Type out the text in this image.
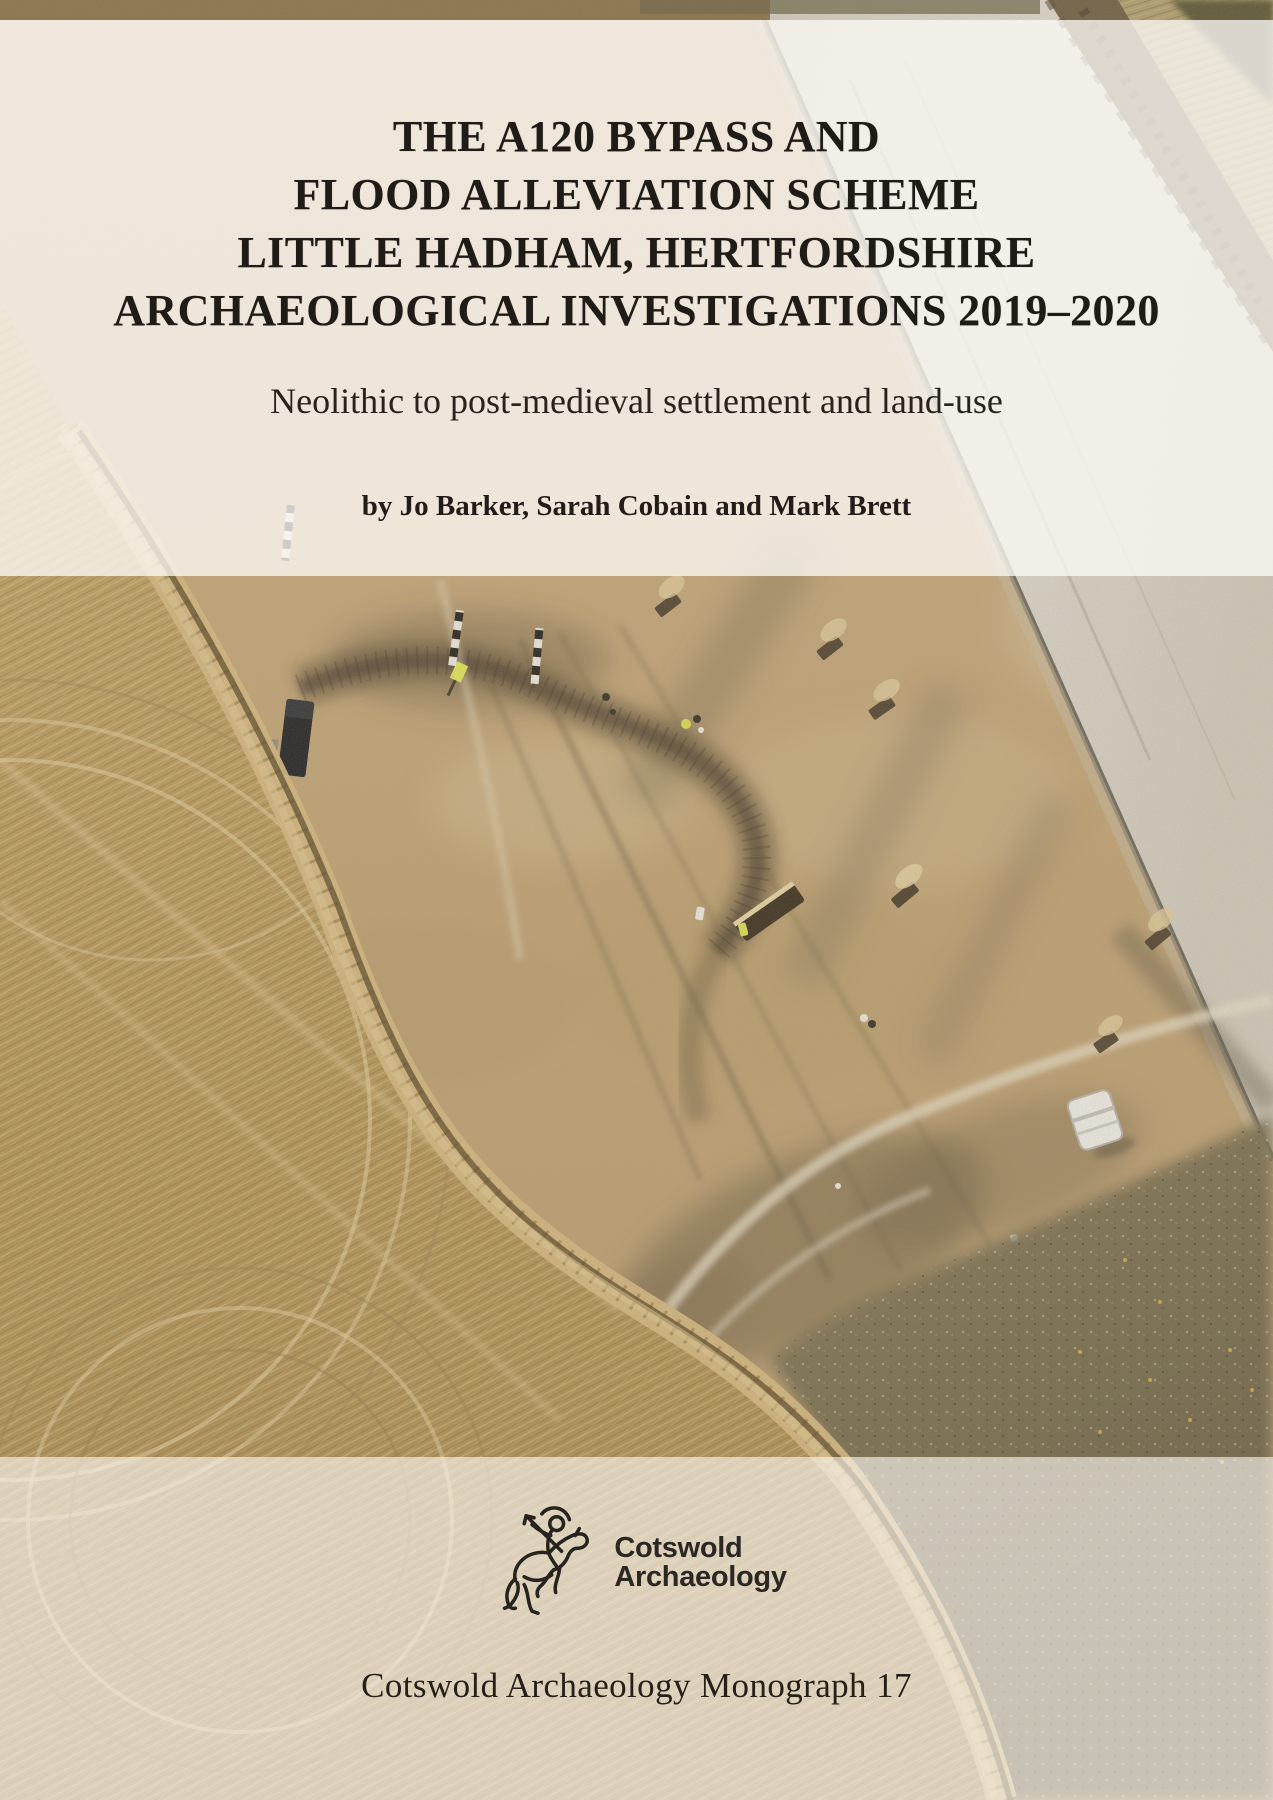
THE A120 BYPASS AND
FLOOD ALLEVIATION SCHEME
LITTLE HADHAM, HERTFORDSHIRE
ARCHAEOLOGICAL INVESTIGATIONS 2019–2020
Neolithic to post-medieval settlement and land-use
by Jo Barker, Sarah Cobain and Mark Brett
Cotswold
Archaeology
Cotswold Archaeology Monograph 17
